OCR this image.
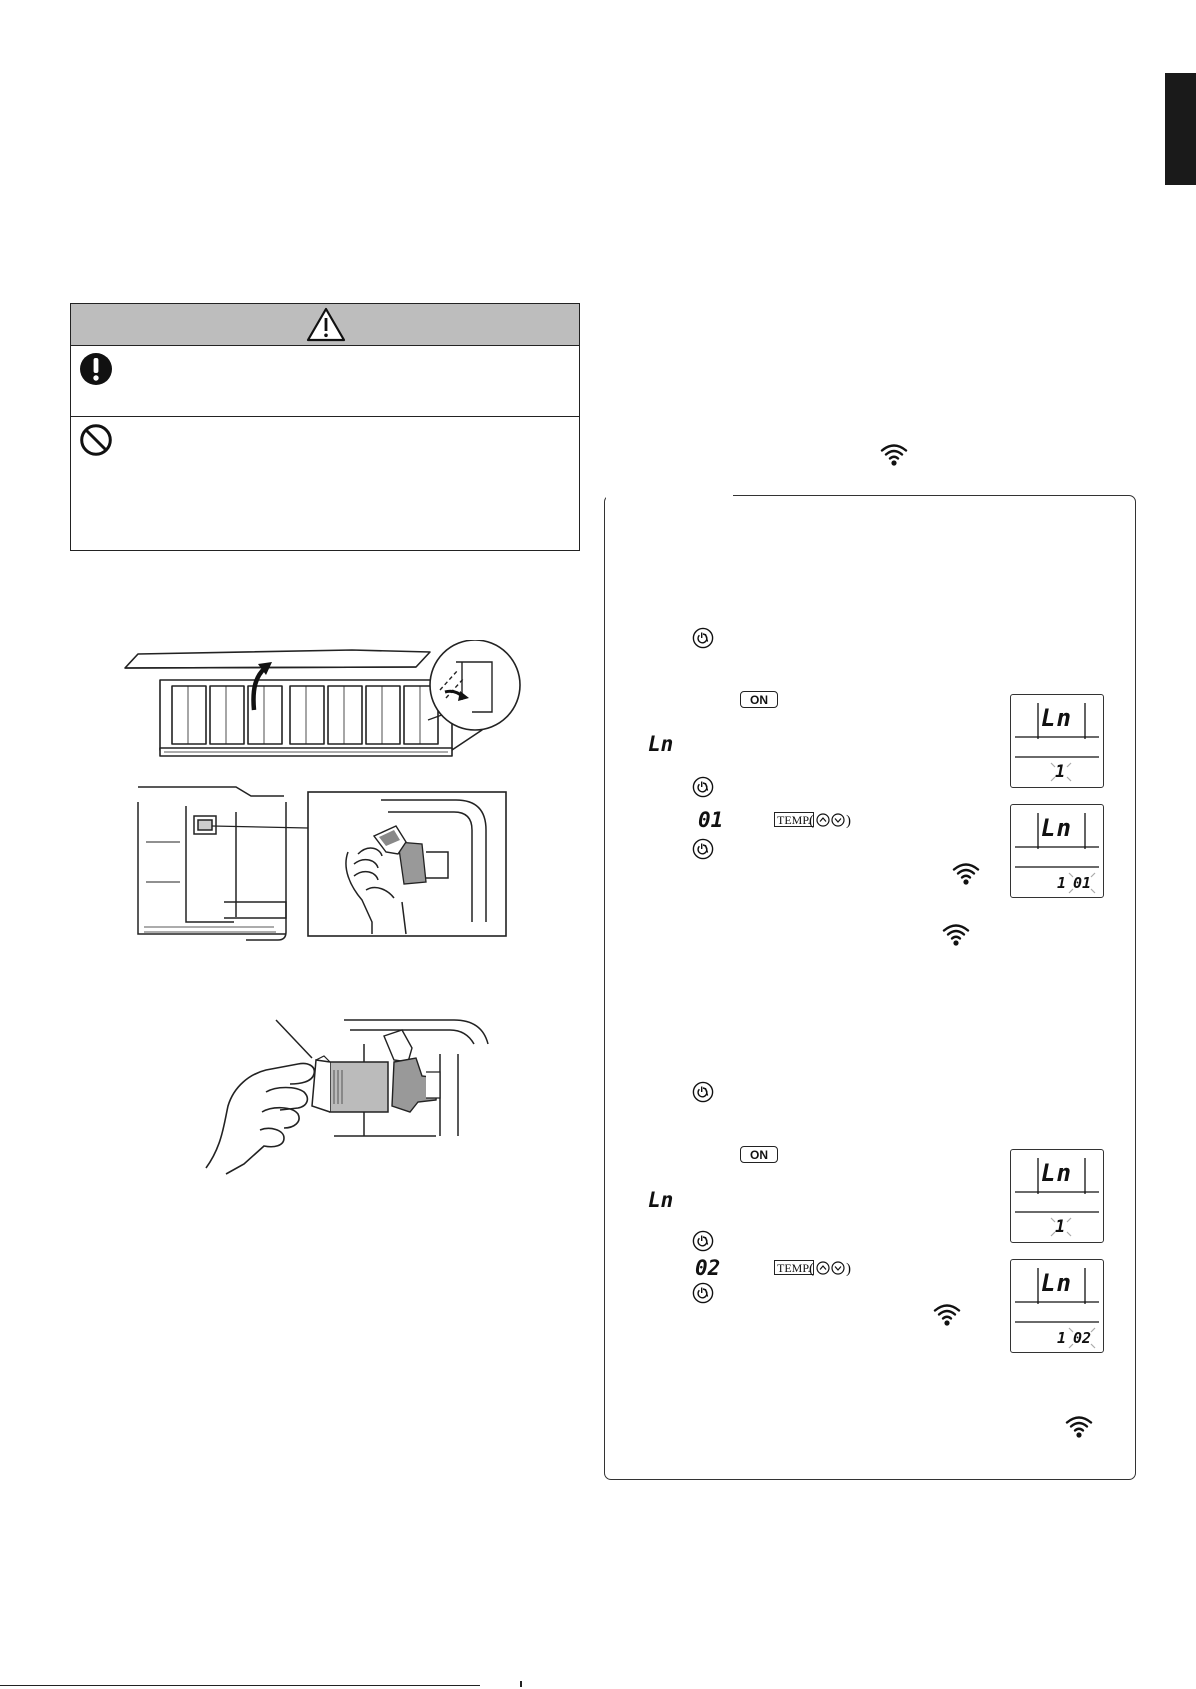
ON
Ln
01	TEMP.
( )
Ln
1
Ln
1 01
ON
Ln
02	TEMP.
( )
Ln
1
Ln
1 02
